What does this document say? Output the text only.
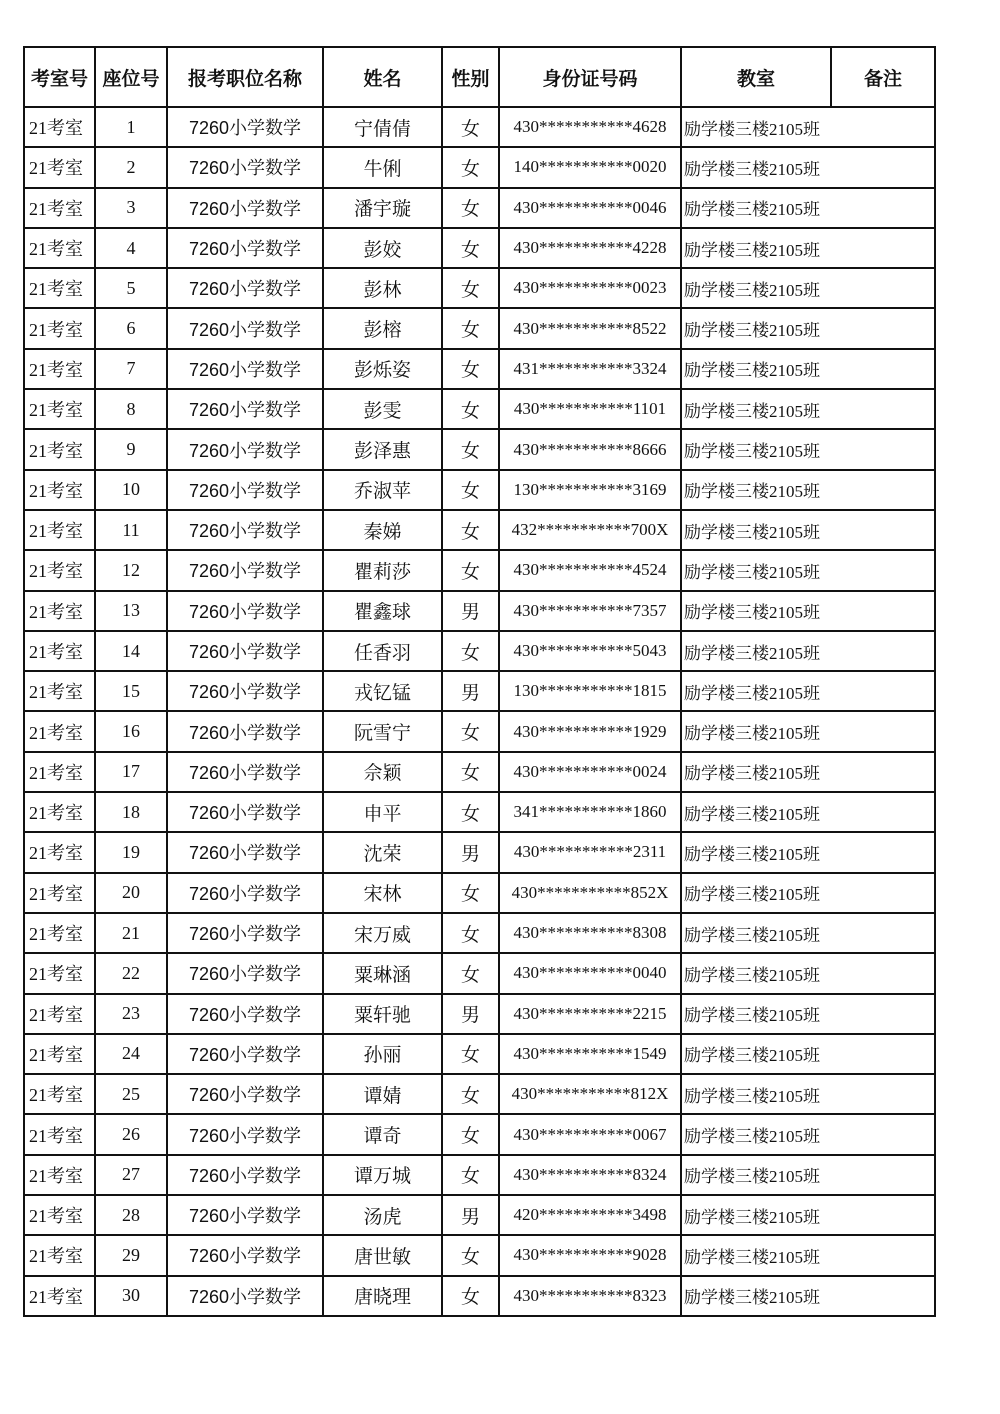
考室号	座位号	报考职位名称	姓名	性别	身份证号码	教室	备注
21考室	1	7260小学数学	宁倩倩	女	430***********4628	励学楼三楼2105班	
21考室	2	7260小学数学	牛俐	女	140***********0020	励学楼三楼2105班	
21考室	3	7260小学数学	潘宇璇	女	430***********0046	励学楼三楼2105班	
21考室	4	7260小学数学	彭姣	女	430***********4228	励学楼三楼2105班	
21考室	5	7260小学数学	彭林	女	430***********0023	励学楼三楼2105班	
21考室	6	7260小学数学	彭榕	女	430***********8522	励学楼三楼2105班	
21考室	7	7260小学数学	彭烁姿	女	431***********3324	励学楼三楼2105班	
21考室	8	7260小学数学	彭雯	女	430***********1101	励学楼三楼2105班	
21考室	9	7260小学数学	彭泽惠	女	430***********8666	励学楼三楼2105班	
21考室	10	7260小学数学	乔淑苹	女	130***********3169	励学楼三楼2105班	
21考室	11	7260小学数学	秦娣	女	432***********700X	励学楼三楼2105班	
21考室	12	7260小学数学	瞿莉莎	女	430***********4524	励学楼三楼2105班	
21考室	13	7260小学数学	瞿鑫球	男	430***********7357	励学楼三楼2105班	
21考室	14	7260小学数学	任香羽	女	430***********5043	励学楼三楼2105班	
21考室	15	7260小学数学	戎钇锰	男	130***********1815	励学楼三楼2105班	
21考室	16	7260小学数学	阮雪宁	女	430***********1929	励学楼三楼2105班	
21考室	17	7260小学数学	佘颖	女	430***********0024	励学楼三楼2105班	
21考室	18	7260小学数学	申平	女	341***********1860	励学楼三楼2105班	
21考室	19	7260小学数学	沈荣	男	430***********2311	励学楼三楼2105班	
21考室	20	7260小学数学	宋林	女	430***********852X	励学楼三楼2105班	
21考室	21	7260小学数学	宋万威	女	430***********8308	励学楼三楼2105班	
21考室	22	7260小学数学	粟琳涵	女	430***********0040	励学楼三楼2105班	
21考室	23	7260小学数学	粟轩驰	男	430***********2215	励学楼三楼2105班	
21考室	24	7260小学数学	孙丽	女	430***********1549	励学楼三楼2105班	
21考室	25	7260小学数学	谭婧	女	430***********812X	励学楼三楼2105班	
21考室	26	7260小学数学	谭奇	女	430***********0067	励学楼三楼2105班	
21考室	27	7260小学数学	谭万城	女	430***********8324	励学楼三楼2105班	
21考室	28	7260小学数学	汤虎	男	420***********3498	励学楼三楼2105班	
21考室	29	7260小学数学	唐世敏	女	430***********9028	励学楼三楼2105班	
21考室	30	7260小学数学	唐晓理	女	430***********8323	励学楼三楼2105班	
